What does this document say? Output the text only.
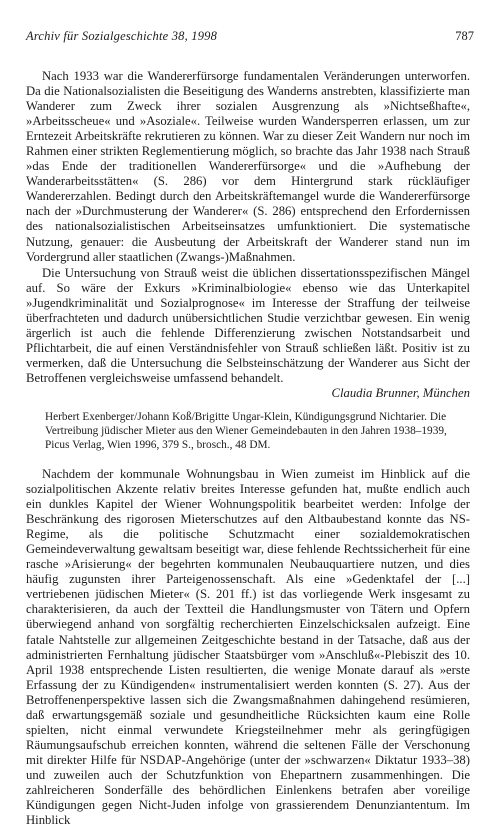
Archiv für Sozialgeschichte 38, 1998	787

Nach 1933 war die Wandererfürsorge fundamentalen Veränderungen unterworfen. Da die Nationalsozialisten die Beseitigung des Wanderns anstrebten, klassifizierte man Wanderer zum Zweck ihrer sozialen Ausgrenzung als »Nichtseßhafte«, »Arbeitsscheue« und »Asoziale«. Teilweise wurden Wandersperren erlassen, um zur Erntezeit Arbeitskräfte rekrutieren zu können. War zu dieser Zeit Wandern nur noch im Rahmen einer strikten Reglementierung möglich, so brachte das Jahr 1938 nach Strauß »das Ende der traditionellen Wandererfürsorge« und die »Aufhebung der Wanderarbeitsstätten« (S. 286) vor dem Hintergrund stark rückläufiger Wandererzahlen. Bedingt durch den Arbeitskräftemangel wurde die Wandererfürsorge nach der »Durchmusterung der Wanderer« (S. 286) entsprechend den Erfordernissen des nationalsozialistischen Arbeitseinsatzes umfunktioniert. Die systematische Nutzung, genauer: die Ausbeutung der Arbeitskraft der Wanderer stand nun im Vordergrund aller staatlichen (Zwangs-)Maßnahmen.

Die Untersuchung von Strauß weist die üblichen dissertationsspezifischen Mängel auf. So wäre der Exkurs »Kriminalbiologie« ebenso wie das Unterkapitel »Jugendkriminalität und Sozialprognose« im Interesse der Straffung der teilweise überfrachteten und dadurch unübersichtlichen Studie verzichtbar gewesen. Ein wenig ärgerlich ist auch die fehlende Differenzierung zwischen Notstandsarbeit und Pflichtarbeit, die auf einen Verständnisfehler von Strauß schließen läßt. Positiv ist zu vermerken, daß die Untersuchung die Selbsteinschätzung der Wanderer aus Sicht der Betroffenen vergleichsweise umfassend behandelt.

Claudia Brunner, München

Herbert Exenberger/Johann Koß/Brigitte Ungar-Klein, Kündigungsgrund Nichtarier. Die Vertreibung jüdischer Mieter aus den Wiener Gemeindebauten in den Jahren 1938–1939, Picus Verlag, Wien 1996, 379 S., brosch., 48 DM.

Nachdem der kommunale Wohnungsbau in Wien zumeist im Hinblick auf die sozialpolitischen Akzente relativ breites Interesse gefunden hat, mußte endlich auch ein dunkles Kapitel der Wiener Wohnungspolitik bearbeitet werden: Infolge der Beschränkung des rigorosen Mieterschutzes auf den Altbaubestand konnte das NS-Regime, als die politische Schutzmacht einer sozialdemokratischen Gemeindeverwaltung gewaltsam beseitigt war, diese fehlende Rechtssicherheit für eine rasche »Arisierung« der begehrten kommunalen Neubauquartiere nutzen, und dies häufig zugunsten ihrer Parteigenossenschaft. Als eine »Gedenktafel der [...] vertriebenen jüdischen Mieter« (S. 201 ff.) ist das vorliegende Werk insgesamt zu charakterisieren, da auch der Textteil die Handlungsmuster von Tätern und Opfern überwiegend anhand von sorgfältig recherchierten Einzelschicksalen aufzeigt. Eine fatale Nahtstelle zur allgemeinen Zeitgeschichte bestand in der Tatsache, daß aus der administrierten Fernhaltung jüdischer Staatsbürger vom »Anschluß«-Plebiszit des 10. April 1938 entsprechende Listen resultierten, die wenige Monate darauf als »erste Erfassung der zu Kündigenden« instrumentalisiert werden konnten (S. 27). Aus der Betroffenenperspektive lassen sich die Zwangsmaßnahmen dahingehend resümieren, daß erwartungsgemäß soziale und gesundheitliche Rücksichten kaum eine Rolle spielten, nicht einmal verwundete Kriegsteilnehmer mehr als geringfügigen Räumungsaufschub erreichen konnten, während die seltenen Fälle der Verschonung mit direkter Hilfe für NSDAP-Angehörige (unter der »schwarzen« Diktatur 1933–38) und zuweilen auch der Schutzfunktion von Ehepartnern zusammenhingen. Die zahlreicheren Sonderfälle des behördlichen Einlenkens betrafen aber voreilige Kündigungen gegen Nicht-Juden infolge von grassierendem Denunziantentum. Im Hinblick
